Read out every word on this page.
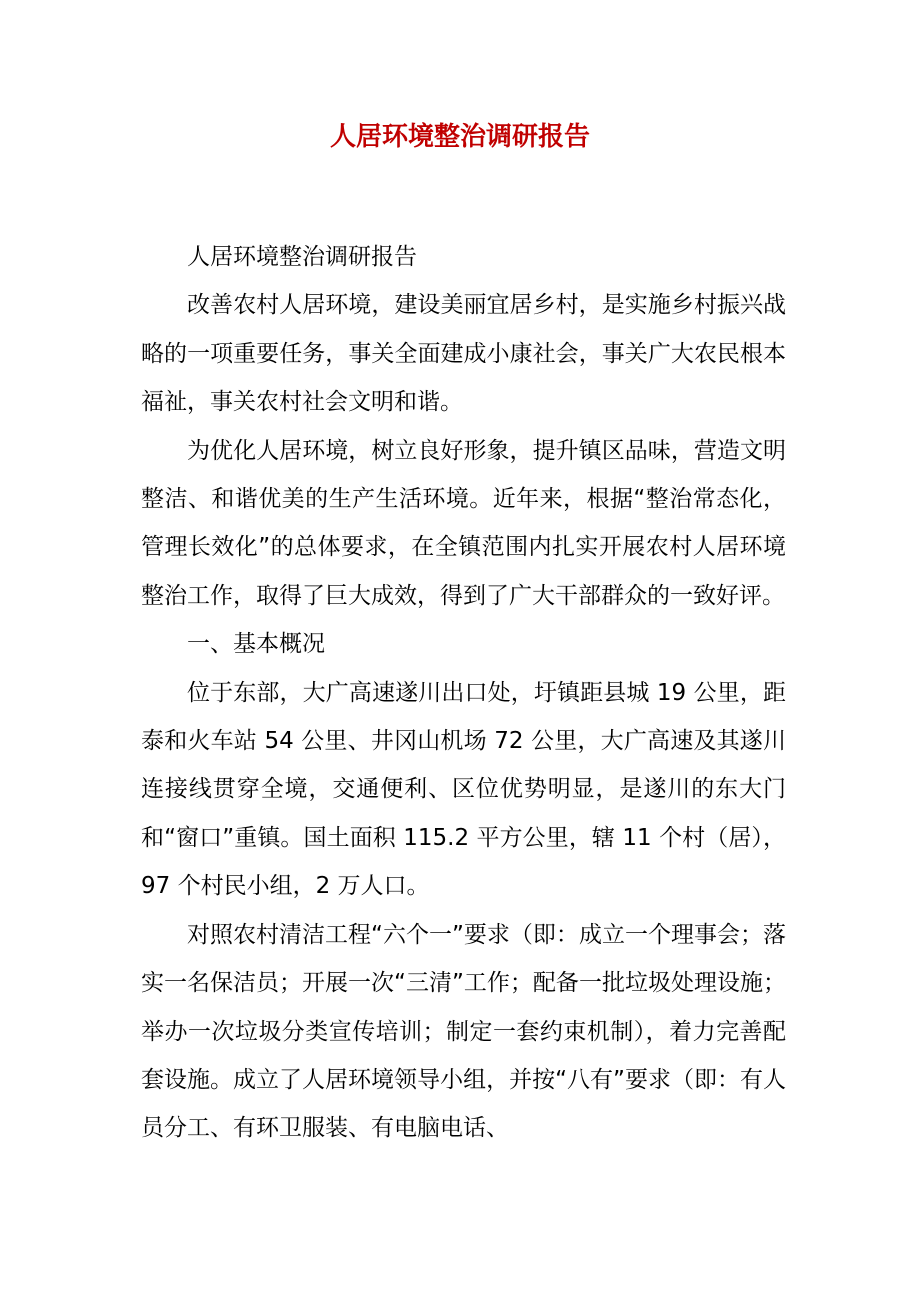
人居环境整治调研报告

人居环境整治调研报告

改善农村人居环境，建设美丽宜居乡村，是实施乡村振兴战略的一项重要任务，事关全面建成小康社会，事关广大农民根本福祉，事关农村社会文明和谐。

为优化人居环境，树立良好形象，提升镇区品味，营造文明整洁、和谐优美的生产生活环境。近年来，根据“整治常态化，管理长效化”的总体要求，在全镇范围内扎实开展农村人居环境整治工作，取得了巨大成效，得到了广大干部群众的一致好评。

一、基本概况

位于东部，大广高速遂川出口处，圩镇距县城 19 公里，距泰和火车站 54 公里、井冈山机场 72 公里，大广高速及其遂川连接线贯穿全境，交通便利、区位优势明显，是遂川的东大门和“窗口”重镇。国土面积 115.2 平方公里，辖 11 个村（居），97 个村民小组，2 万人口。

对照农村清洁工程“六个一”要求（即：成立一个理事会；落实一名保洁员；开展一次“三清”工作；配备一批垃圾处理设施；举办一次垃圾分类宣传培训；制定一套约束机制），着力完善配套设施。成立了人居环境领导小组，并按“八有”要求（即：有人员分工、有环卫服装、有电脑电话、
